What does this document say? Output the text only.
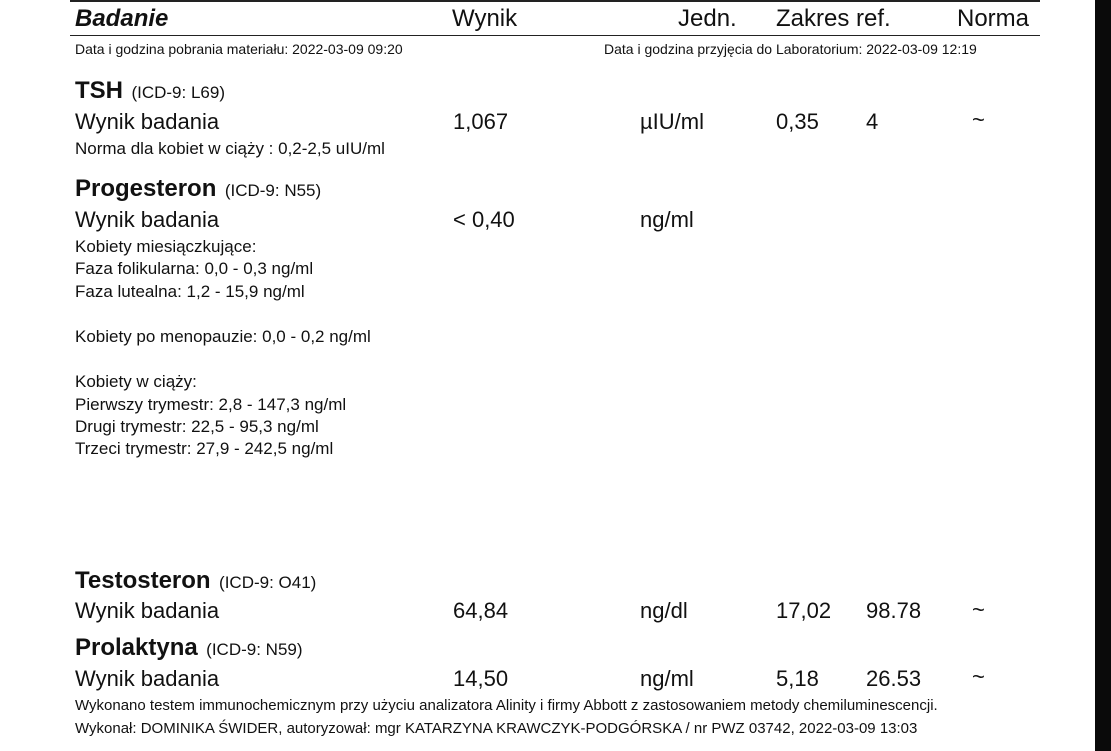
Badanie	Wynik	Jedn. Zakres ref.	Norma
Data i godzina pobrania materiału: 2022-03-09 09:20	Data i godzina przyjęcia do Laboratorium: 2022-03-09 12:19
TSH (ICD-9: L69)
Wynik badania	1,067	µIU/ml	0,35 4	~
Norma dla kobiet w ciąży : 0,2-2,5 uIU/ml
Progesteron (ICD-9: N55)
Wynik badania	< 0,40	ng/ml
Kobiety miesiączkujące:
Faza folikularna: 0,0 - 0,3 ng/ml
Faza lutealna: 1,2 - 15,9 ng/ml
Kobiety po menopauzie: 0,0 - 0,2 ng/ml
Kobiety w ciąży:
Pierwszy trymestr: 2,8 - 147,3 ng/ml
Drugi trymestr: 22,5 - 95,3 ng/ml
Trzeci trymestr: 27,9 - 242,5 ng/ml
Testosteron (ICD-9: O41)
Wynik badania	64,84	ng/dl	17,02 98.78 ~
Prolaktyna (ICD-9: N59)
Wynik badania	14,50	ng/ml	5,18 26.53 ~
Wykonano testem immunochemicznym przy użyciu analizatora Alinity i firmy Abbott z zastosowaniem metody chemiluminescencji.
Wykonał: DOMINIKA ŚWIDER, autoryzował: mgr KATARZYNA KRAWCZYK-PODGÓRSKA / nr PWZ 03742, 2022-03-09 13:03
